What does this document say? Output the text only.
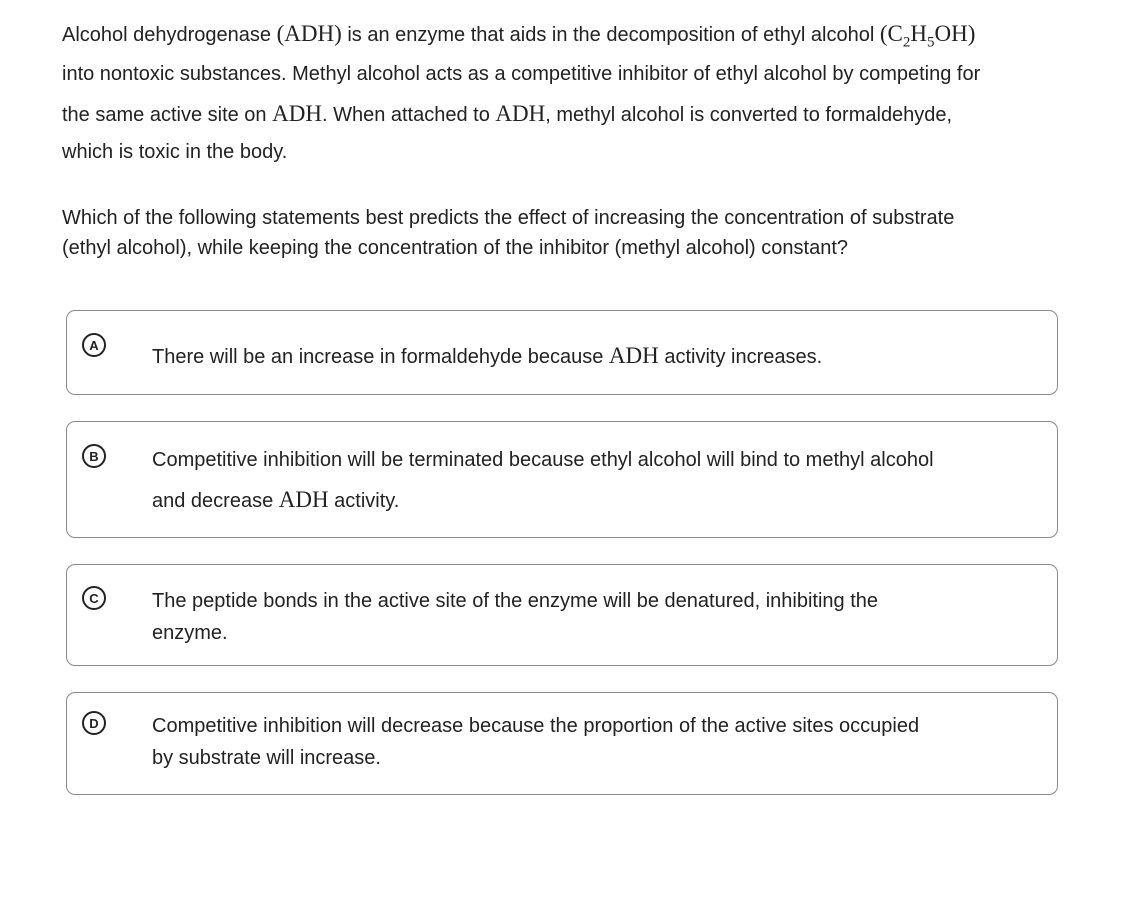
Alcohol dehydrogenase (ADH) is an enzyme that aids in the decomposition of ethyl alcohol $(C_2H_5OH)$
into nontoxic substances. Methyl alcohol acts as a competitive inhibitor of ethyl alcohol by competing for
the same active site on ADH. When attached to ADH, methyl alcohol is converted to formaldehyde,
which is toxic in the body.
Which of the following statements best predicts the effect of increasing the concentration of substrate
(ethyl alcohol), while keeping the concentration of the inhibitor (methyl alcohol) constant?
A
There will be an increase in formaldehyde because ADH activity increases.
B	Competitive inhibition will be terminated because ethyl alcohol will bind to methyl alcohol
and decrease ADH activity.
C	The peptide bonds in the active site of the enzyme will be denatured, inhibiting the
enzyme.
D	Competitive inhibition will decrease because the proportion of the active sites occupied
by substrate will increase.
